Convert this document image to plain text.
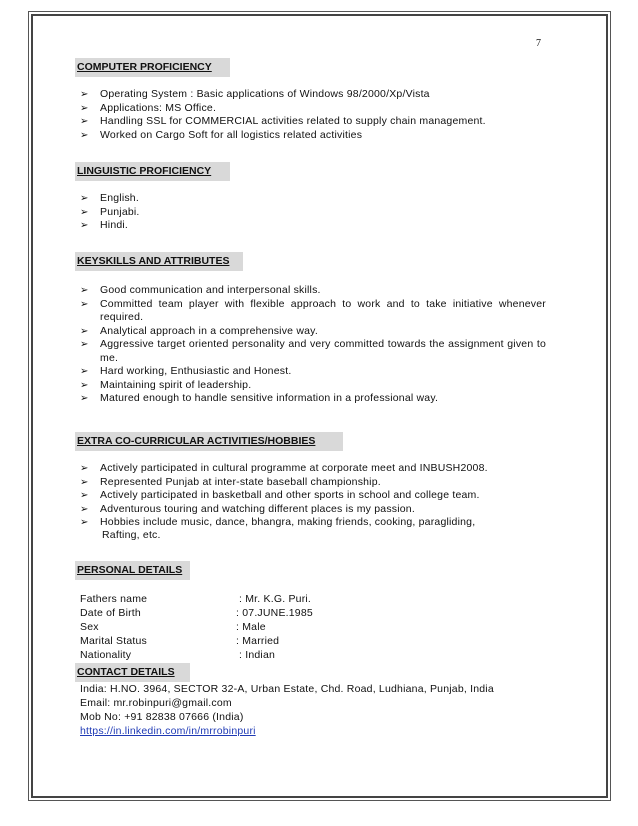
7
COMPUTER PROFICIENCY
➢ Operating System : Basic applications of Windows 98/2000/Xp/Vista
➢ Applications: MS Office.
➢ Handling SSL for COMMERCIAL activities related to supply chain management.
➢ Worked on Cargo Soft for all logistics related activities
LINGUISTIC PROFICIENCY
➢ English.
➢ Punjabi.
➢ Hindi.
KEYSKILLS AND ATTRIBUTES
➢ Good communication and interpersonal skills.
➢ Committed team player with flexible approach to work and to take initiative whenever required.
➢ Analytical approach in a comprehensive way.
➢ Aggressive target oriented personality and very committed towards the assignment given to me.
➢ Hard working, Enthusiastic and Honest.
➢ Maintaining spirit of leadership.
➢ Matured enough to handle sensitive information in a professional way.
EXTRA CO-CURRICULAR ACTIVITIES/HOBBIES
➢ Actively participated in cultural programme at corporate meet and INBUSH2008.
➢ Represented Punjab at inter-state baseball championship.
➢ Actively participated in basketball and other sports in school and college team.
➢ Adventurous touring and watching different places is my passion.
➢ Hobbies include music, dance, bhangra, making friends, cooking, paragliding,
Rafting, etc.
PERSONAL DETAILS
Fathers name	: Mr. K.G. Puri.
Date of Birth	: 07.JUNE.1985
Sex	: Male
Marital Status	: Married
Nationality	: Indian
CONTACT DETAILS
India: H.NO. 3964, SECTOR 32-A, Urban Estate, Chd. Road, Ludhiana, Punjab, India
Email: mr.robinpuri@gmail.com
Mob No: +91 82838 07666 (India)
https://in.linkedin.com/in/mrrobinpuri
